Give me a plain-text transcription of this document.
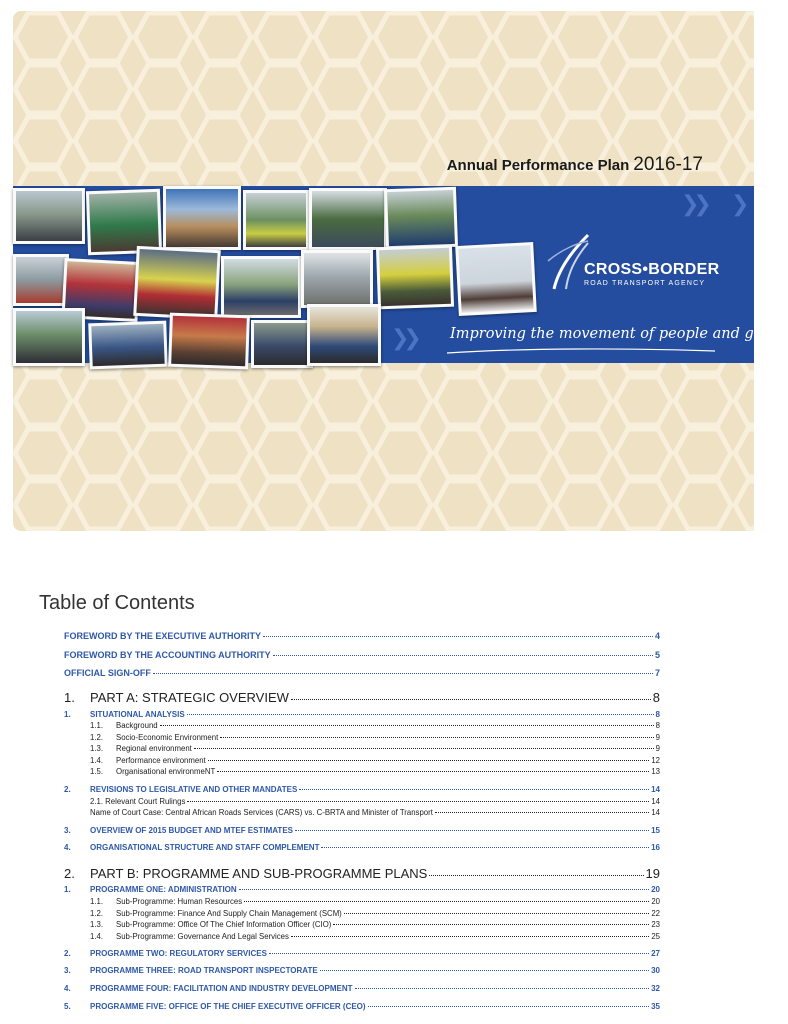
Annual Performance Plan 2016-17
❯❯ ❯
❯❯
CROSS•BORDER
ROAD TRANSPORT AGENCY
Improving the movement of people and goods
Table of Contents
FOREWORD BY THE EXECUTIVE AUTHORITY	4
FOREWORD BY THE ACCOUNTING AUTHORITY	5
OFFICIAL SIGN-OFF	7
1. PART A: STRATEGIC OVERVIEW	8
1. SITUATIONAL ANALYSIS	8
1.1. Background	8
1.2. Socio-Economic Environment	9
1.3. Regional environment	9
1.4. Performance environment	12
1.5. Organisational environmeNT	13
2. REVISIONS TO LEGISLATIVE AND OTHER MANDATES	14
2.1. Relevant Court Rulings	14
Name of Court Case: Central African Roads Services (CARS) vs. C-BRTA and Minister of Transport	14
3. OVERVIEW OF 2015 BUDGET AND MTEF ESTIMATES	15
4. ORGANISATIONAL STRUCTURE AND STAFF COMPLEMENT	16
2. PART B: PROGRAMME AND SUB-PROGRAMME PLANS	19
1. PROGRAMME ONE: ADMINISTRATION	20
1.1. Sub-Programme: Human Resources	20
1.2. Sub-Programme: Finance And Supply Chain Management (SCM)	22
1.3. Sub-Programme: Office Of The Chief Information Officer (CIO)	23
1.4. Sub-Programme: Governance And Legal Services	25
2. PROGRAMME TWO: REGULATORY SERVICES	27
3. PROGRAMME THREE: ROAD TRANSPORT INSPECTORATE	30
4. PROGRAMME FOUR: FACILITATION AND INDUSTRY DEVELOPMENT	32
5. PROGRAMME FIVE: OFFICE OF THE CHIEF EXECUTIVE OFFICER (CEO)	35
